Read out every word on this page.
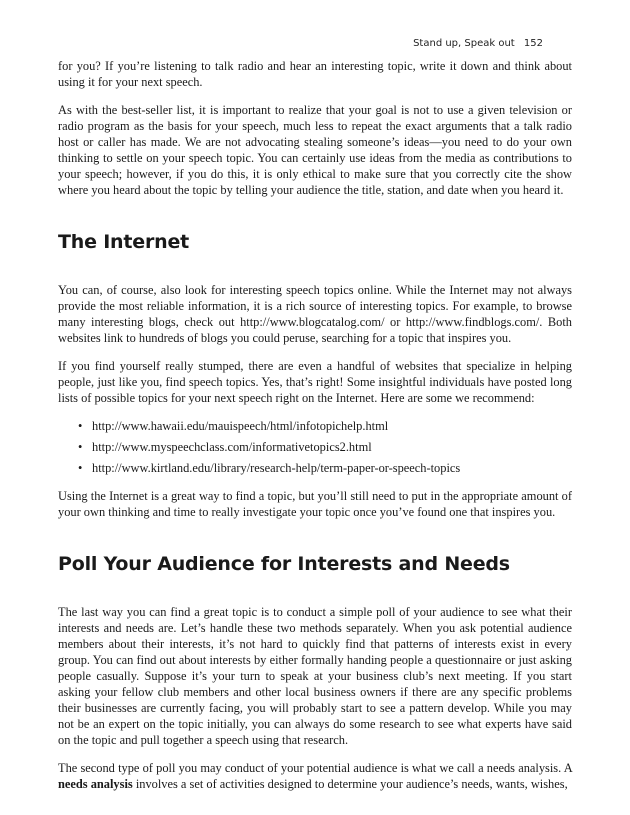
Stand up, Speak out 152

for you? If you’re listening to talk radio and hear an interesting topic, write it down and think about using it for your next speech.

As with the best-seller list, it is important to realize that your goal is not to use a given television or radio program as the basis for your speech, much less to repeat the exact arguments that a talk radio host or caller has made. We are not advocating stealing someone’s ideas—you need to do your own thinking to settle on your speech topic. You can certainly use ideas from the media as contributions to your speech; however, if you do this, it is only ethical to make sure that you correctly cite the show where you heard about the topic by telling your audience the title, station, and date when you heard it.

The Internet

You can, of course, also look for interesting speech topics online. While the Internet may not always provide the most reliable information, it is a rich source of interesting topics. For example, to browse many interesting blogs, check out http://www.blogcatalog.com/ or http://www.findblogs.com/. Both websites link to hundreds of blogs you could peruse, searching for a topic that inspires you.

If you find yourself really stumped, there are even a handful of websites that specialize in helping people, just like you, find speech topics. Yes, that’s right! Some insightful individuals have posted long lists of possible topics for your next speech right on the Internet. Here are some we recommend:

• http://www.hawaii.edu/mauispeech/html/infotopichelp.html
• http://www.myspeechclass.com/informativetopics2.html
• http://www.kirtland.edu/library/research-help/term-paper-or-speech-topics

Using the Internet is a great way to find a topic, but you’ll still need to put in the appropriate amount of your own thinking and time to really investigate your topic once you’ve found one that inspires you.

Poll Your Audience for Interests and Needs

The last way you can find a great topic is to conduct a simple poll of your audience to see what their interests and needs are. Let’s handle these two methods separately. When you ask potential audience members about their interests, it’s not hard to quickly find that patterns of interests exist in every group. You can find out about interests by either formally handing people a questionnaire or just asking people casually. Suppose it’s your turn to speak at your business club’s next meeting. If you start asking your fellow club members and other local business owners if there are any specific problems their businesses are currently facing, you will probably start to see a pattern develop. While you may not be an expert on the topic initially, you can always do some research to see what experts have said on the topic and pull together a speech using that research.

The second type of poll you may conduct of your potential audience is what we call a needs analysis. A needs analysis involves a set of activities designed to determine your audience’s needs, wants, wishes,
